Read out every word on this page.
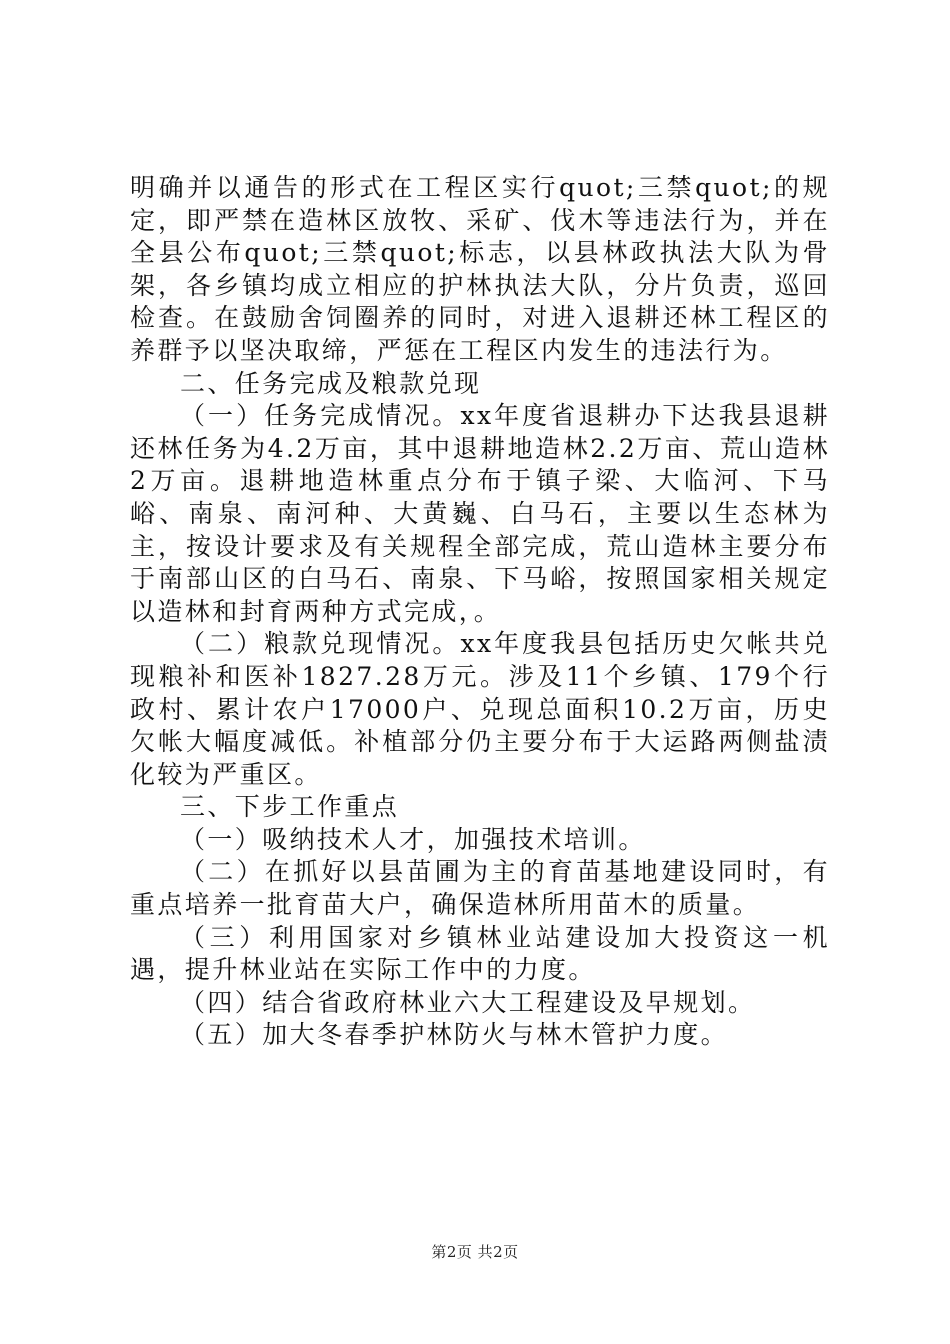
明确并以通告的形式在工程区实行quot;三禁quot;的规定，即严禁在造林区放牧、采矿、伐木等违法行为，并在全县公布quot;三禁quot;标志，以县林政执法大队为骨架，各乡镇均成立相应的护林执法大队，分片负责，巡回检查。在鼓励舍饲圈养的同时，对进入退耕还林工程区的养群予以坚决取缔，严惩在工程区内发生的违法行为。

二、任务完成及粮款兑现

（一）任务完成情况。xx年度省退耕办下达我县退耕还林任务为4.2万亩，其中退耕地造林2.2万亩、荒山造林2万亩。退耕地造林重点分布于镇子梁、大临河、下马峪、南泉、南河种、大黄巍、白马石，主要以生态林为主，按设计要求及有关规程全部完成，荒山造林主要分布于南部山区的白马石、南泉、下马峪，按照国家相关规定以造林和封育两种方式完成，。

（二）粮款兑现情况。xx年度我县包括历史欠帐共兑现粮补和医补1827.28万元。涉及11个乡镇、179个行政村、累计农户17000户、兑现总面积10.2万亩，历史欠帐大幅度减低。补植部分仍主要分布于大运路两侧盐渍化较为严重区。

三、下步工作重点

（一）吸纳技术人才，加强技术培训。

（二）在抓好以县苗圃为主的育苗基地建设同时，有重点培养一批育苗大户，确保造林所用苗木的质量。

（三）利用国家对乡镇林业站建设加大投资这一机遇，提升林业站在实际工作中的力度。

（四）结合省政府林业六大工程建设及早规划。

（五）加大冬春季护林防火与林木管护力度。

第2页 共2页
